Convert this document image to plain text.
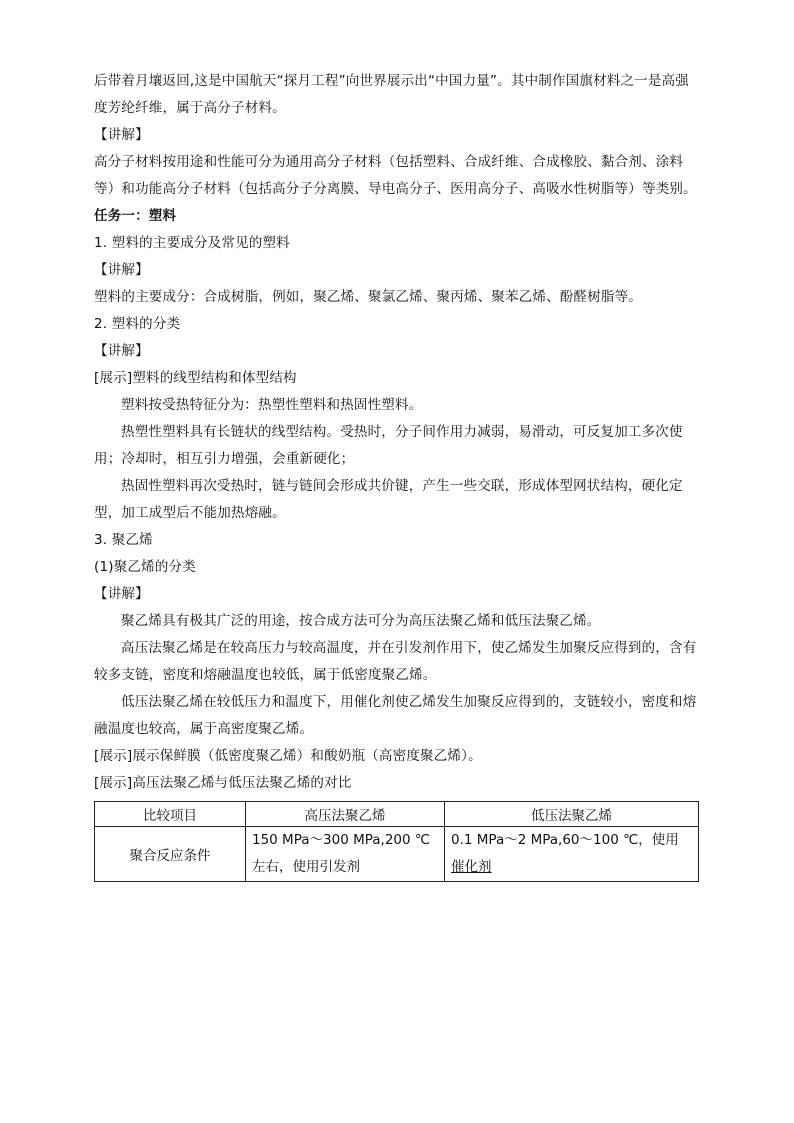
后带着月壤返回,这是中国航天“探月工程”向世界展示出“中国力量”。其中制作国旗材料之一是高强
度芳纶纤维，属于高分子材料。
【讲解】
高分子材料按用途和性能可分为通用高分子材料（包括塑料、合成纤维、合成橡胶、黏合剂、涂料等）和功能高分子材料（包括高分子分离膜、导电高分子、医用高分子、高吸水性树脂等）等类别。
任务一：塑料
1. 塑料的主要成分及常见的塑料
【讲解】
塑料的主要成分：合成树脂，例如，聚乙烯、聚氯乙烯、聚丙烯、聚苯乙烯、酚醛树脂等。
2. 塑料的分类
【讲解】
[展示]塑料的线型结构和体型结构
塑料按受热特征分为：热塑性塑料和热固性塑料。
热塑性塑料具有长链状的线型结构。受热时，分子间作用力减弱，易滑动，可反复加工多次使用；冷却时，相互引力增强，会重新硬化；
热固性塑料再次受热时，链与链间会形成共价键，产生一些交联，形成体型网状结构，硬化定型，加工成型后不能加热熔融。
3. 聚乙烯
(1)聚乙烯的分类
【讲解】
聚乙烯具有极其广泛的用途，按合成方法可分为高压法聚乙烯和低压法聚乙烯。
高压法聚乙烯是在较高压力与较高温度，并在引发剂作用下，使乙烯发生加聚反应得到的，含有较多支链，密度和熔融温度也较低，属于低密度聚乙烯。
低压法聚乙烯在较低压力和温度下，用催化剂使乙烯发生加聚反应得到的，支链较小，密度和熔融温度也较高，属于高密度聚乙烯。
[展示]展示保鲜膜（低密度聚乙烯）和酸奶瓶（高密度聚乙烯）。
[展示]高压法聚乙烯与低压法聚乙烯的对比
比较项目	高压法聚乙烯	低压法聚乙烯
聚合反应条件	150 MPa～300 MPa,200 ℃左右，使用引发剂	0.1 MPa～2 MPa,60～100 ℃，使用催化剂
